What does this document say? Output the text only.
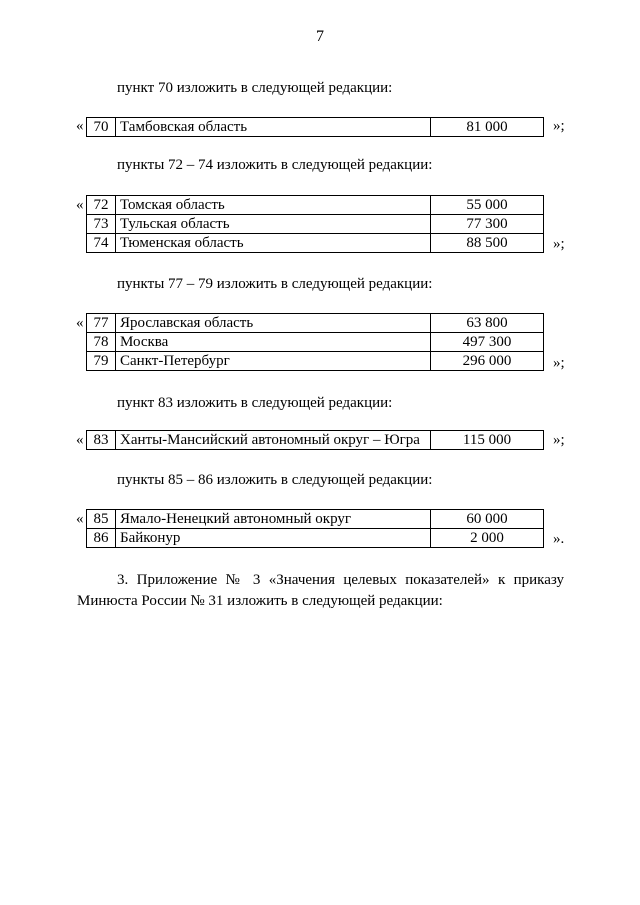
7
пункт 70 изложить в следующей редакции:
« 70	Тамбовская область	81 000	»;
пункты 72 – 74 изложить в следующей редакции:
« 72	Томская область	55 000
73	Тульская область	77 300
74	Тюменская область	88 500	»;
пункты 77 – 79 изложить в следующей редакции:
« 77	Ярославская область	63 800
78	Москва	497 300
79	Санкт-Петербург	296 000	»;
пункт 83 изложить в следующей редакции:
« 83	Ханты-Мансийский автономный округ – Югра	115 000	»;
пункты 85 – 86 изложить в следующей редакции:
« 85	Ямало-Ненецкий автономный округ	60 000
86	Байконур	2 000	».
3. Приложение № 3 «Значения целевых показателей» к приказу
Минюста России № 31 изложить в следующей редакции:
